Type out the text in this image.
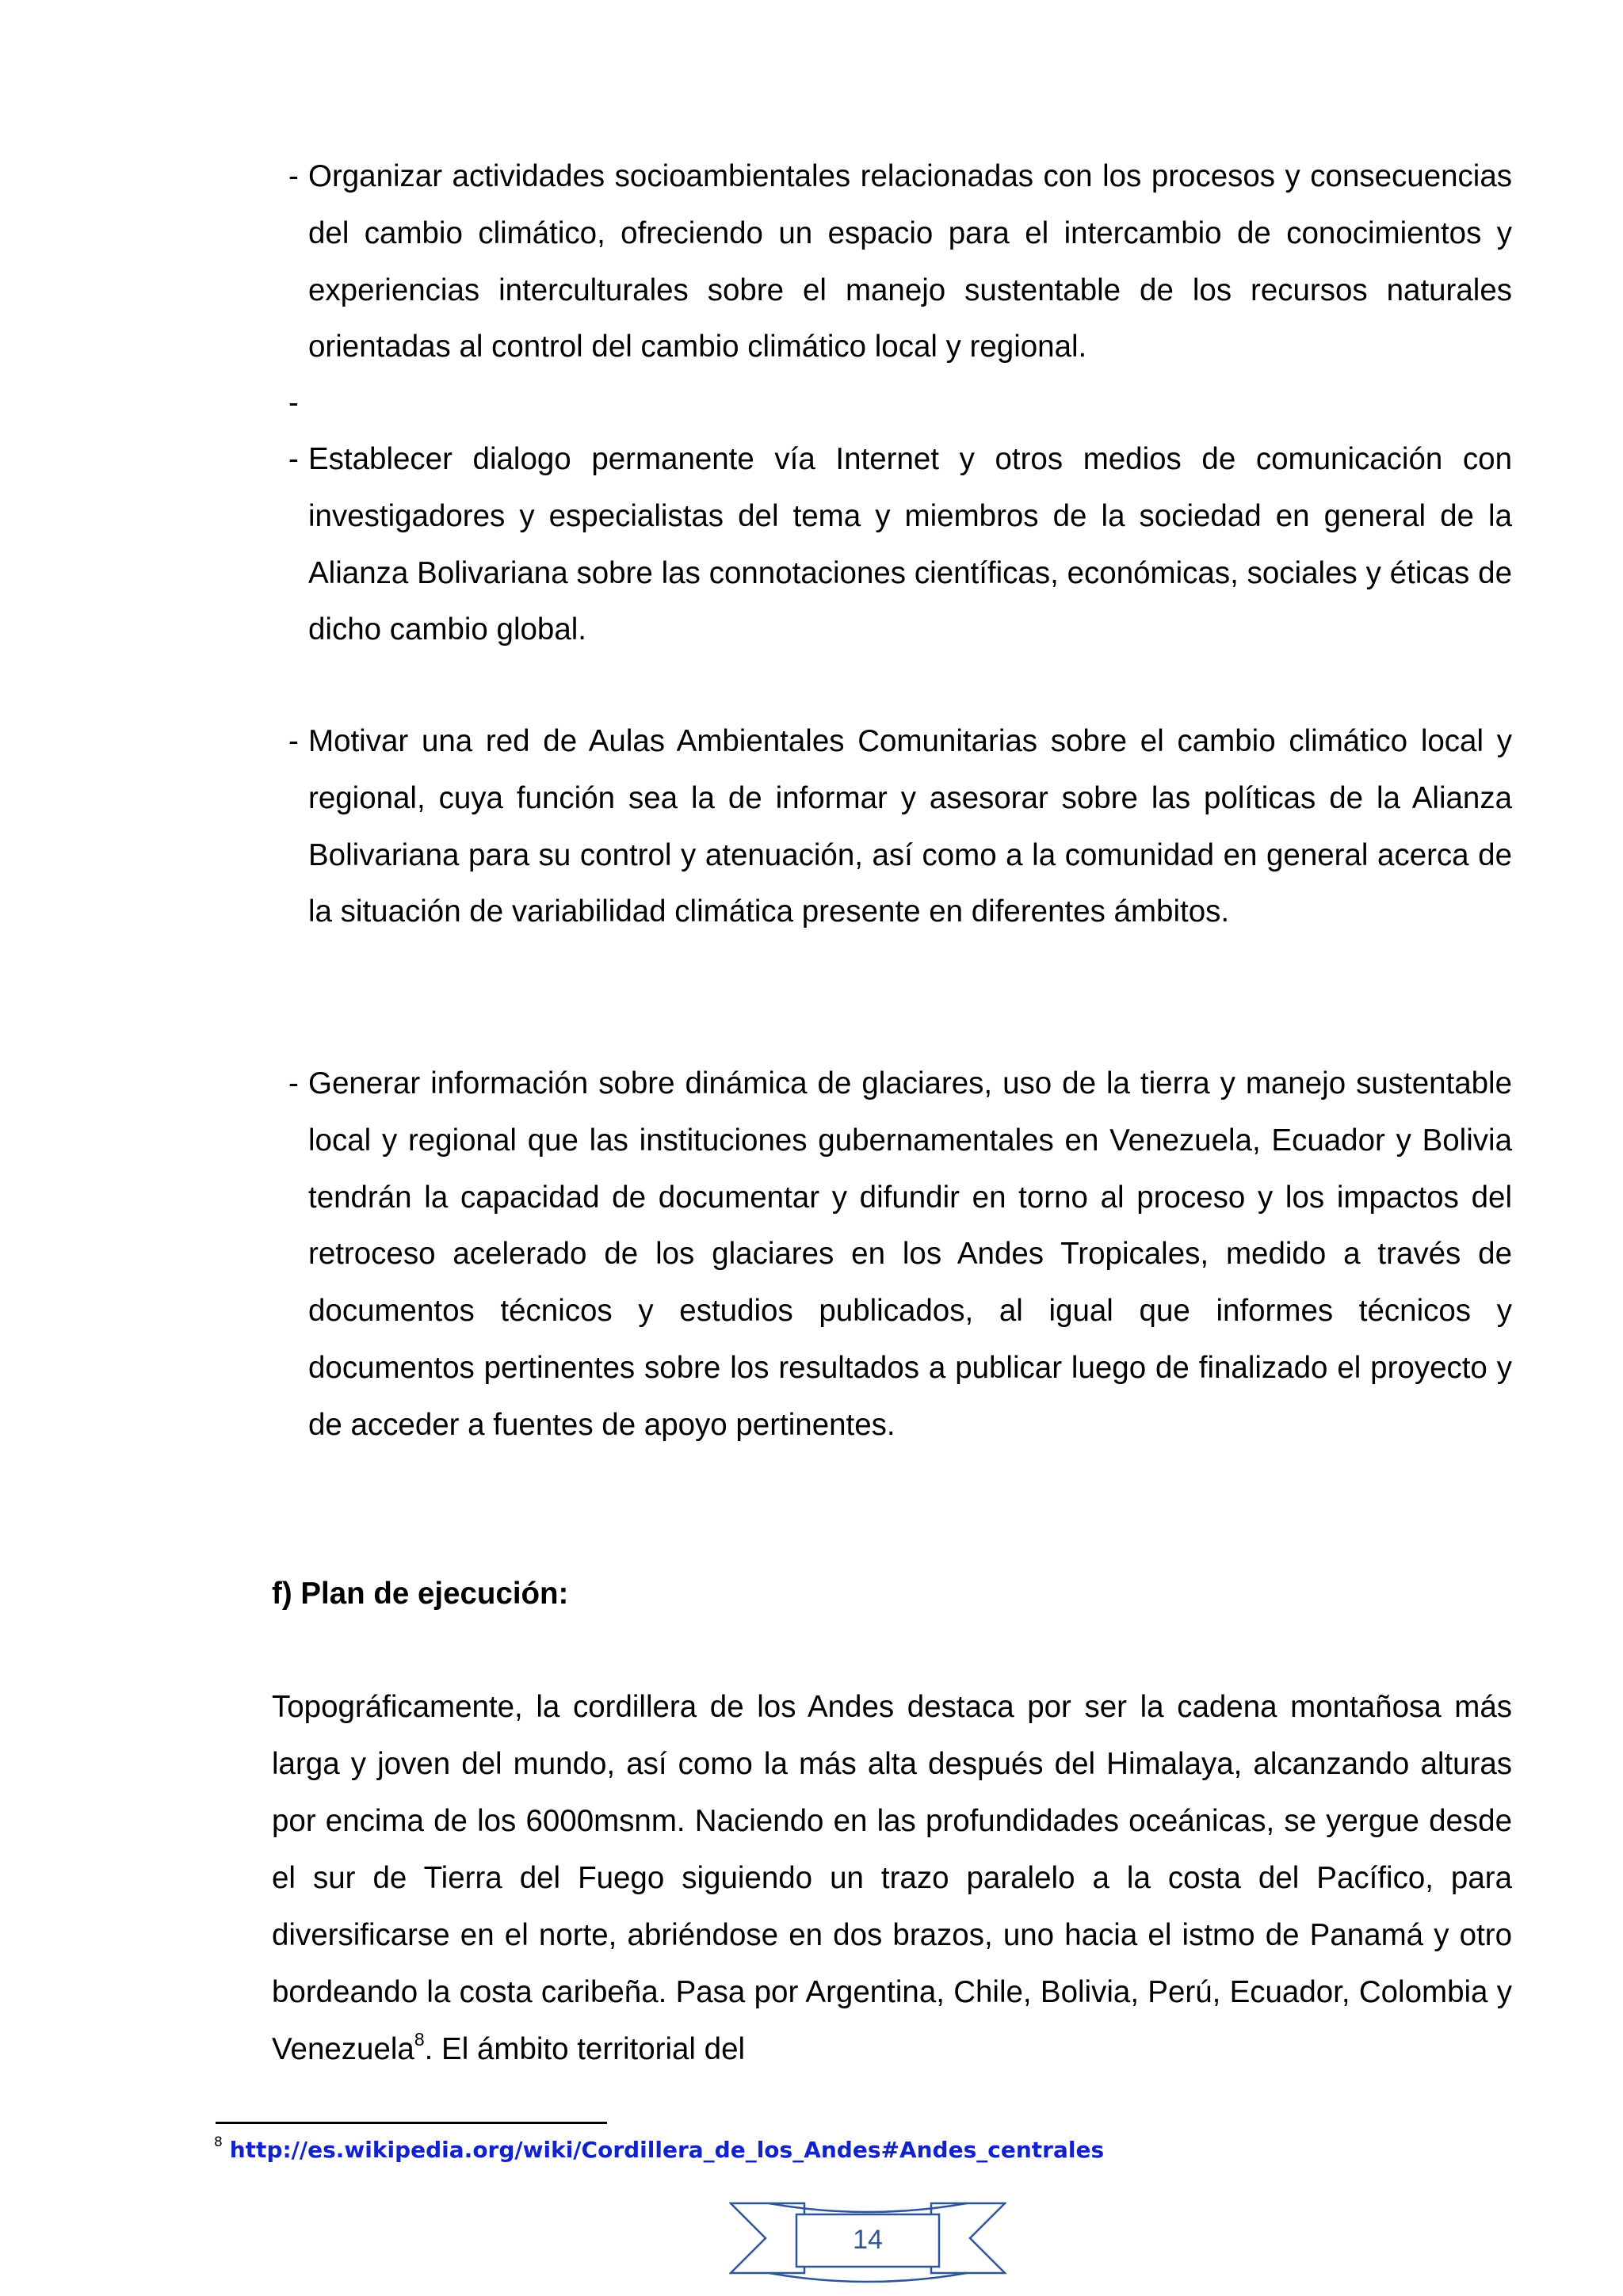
- Organizar actividades socioambientales relacionadas con los procesos y consecuencias del cambio climático, ofreciendo un espacio para el intercambio de conocimientos y experiencias interculturales sobre el manejo sustentable de los recursos naturales orientadas al control del cambio climático local y regional.
-
- Establecer dialogo permanente vía Internet y otros medios de comunicación con investigadores y especialistas del tema y miembros de la sociedad en general de la Alianza Bolivariana sobre las connotaciones científicas, económicas, sociales y éticas de dicho cambio global.
- Motivar una red de Aulas Ambientales Comunitarias sobre el cambio climático local y regional, cuya función sea la de informar y asesorar sobre las políticas de la Alianza Bolivariana para su control y atenuación, así como a la comunidad en general acerca de la situación de variabilidad climática presente en diferentes ámbitos.
- Generar información sobre dinámica de glaciares, uso de la tierra y manejo sustentable local y regional que las instituciones gubernamentales en Venezuela, Ecuador y Bolivia tendrán la capacidad de documentar y difundir en torno al proceso y los impactos del retroceso acelerado de los glaciares en los Andes Tropicales, medido a través de documentos técnicos y estudios publicados, al igual que informes técnicos y documentos pertinentes sobre los resultados a publicar luego de finalizado el proyecto y de acceder a fuentes de apoyo pertinentes.
f) Plan de ejecución:
Topográficamente, la cordillera de los Andes destaca por ser la cadena montañosa más larga y joven del mundo, así como la más alta después del Himalaya, alcanzando alturas por encima de los 6000msnm. Naciendo en las profundidades oceánicas, se yergue desde el sur de Tierra del Fuego siguiendo un trazo paralelo a la costa del Pacífico, para diversificarse en el norte, abriéndose en dos brazos, uno hacia el istmo de Panamá y otro bordeando la costa caribeña. Pasa por Argentina, Chile, Bolivia, Perú, Ecuador, Colombia y Venezuela$^8$. El ámbito territorial del
$^8$ http://es.wikipedia.org/wiki/Cordillera_de_los_Andes#Andes_centrales
14
